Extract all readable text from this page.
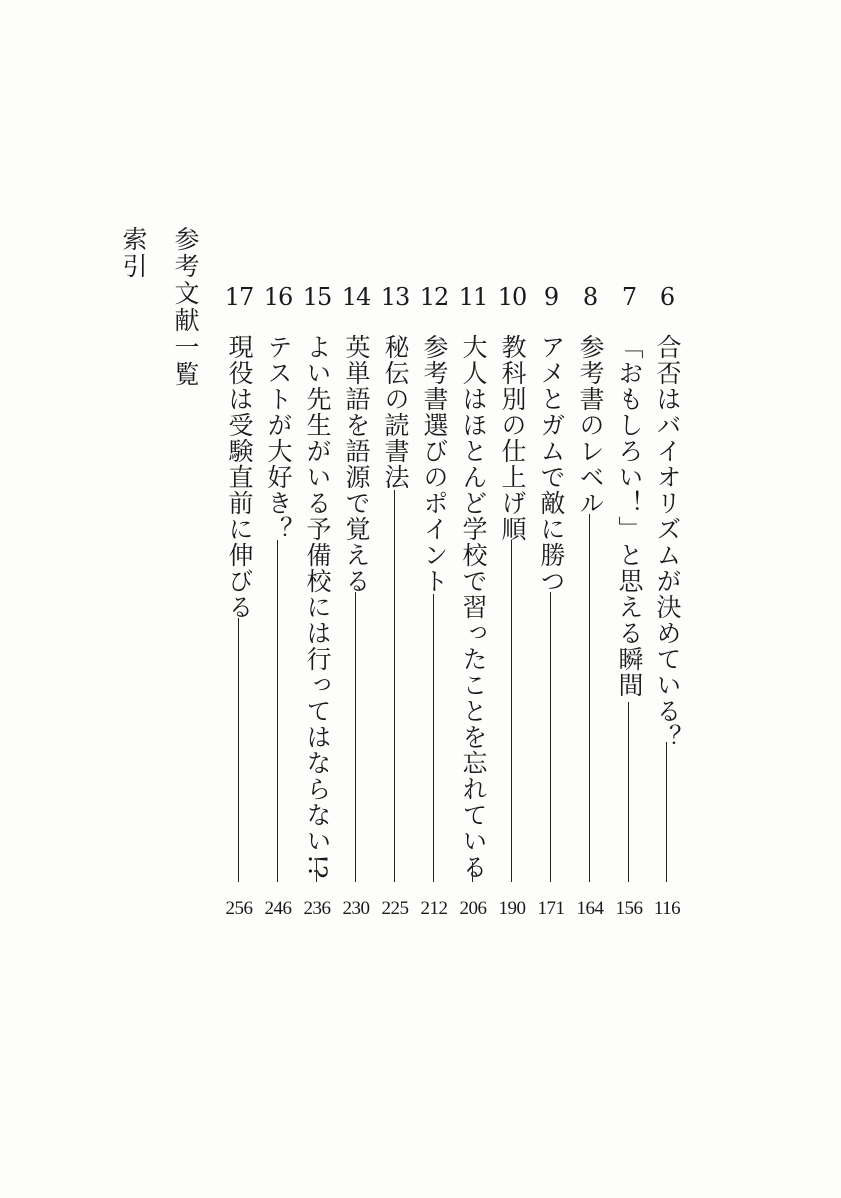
6
合否はバイオリズムが決めている？
116
7
「おもしろい！」と思える瞬間
156
8
参考書のレベル
164
9
アメとガムで敵に勝つ
171
10
教科別の仕上げ順
190
11
大人はほとんど学校で習ったことを忘れている
206
12
参考書選びのポイント
212
13
秘伝の読書法
225
14
英単語を語源で覚える
230
15
よい先生がいる予備校には行ってはならない!?
236
16
テストが大好き？
246
17
現役は受験直前に伸びる
256
参考文献一覧
索引
